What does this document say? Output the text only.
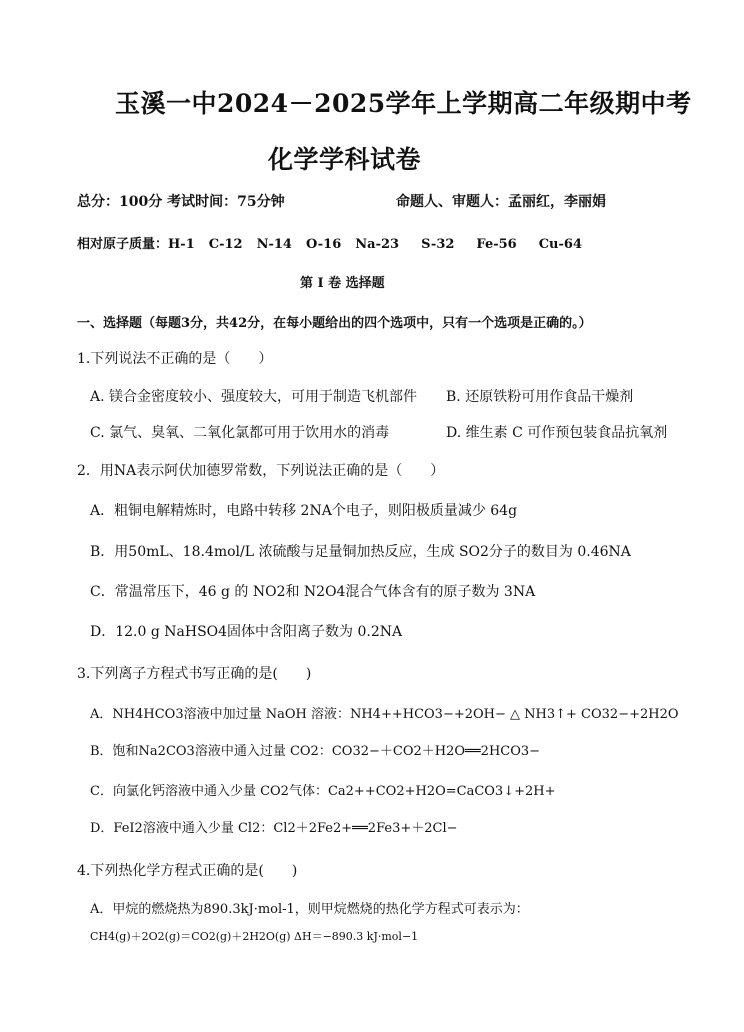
玉溪一中2024－2025学年上学期高二年级期中考
化学学科试卷
总分：100分 考试时间：75分钟	命题人、审题人：孟丽红，李丽娟
相对原子质量：H-1 C-12 N-14 O-16 Na-23 S-32 Fe-56 Cu-64
第 I 卷 选择题
一、选择题（每题3分，共42分，在每小题给出的四个选项中，只有一个选项是正确的。）
1.下列说法不正确的是（　　）
A. 镁合金密度较小、强度较大，可用于制造飞机部件 B. 还原铁粉可用作食品干燥剂
C. 氯气、臭氧、二氧化氯都可用于饮用水的消毒	D. 维生素 C 可作预包装食品抗氧剂
2．用NA表示阿伏加德罗常数，下列说法正确的是（　　）
A．粗铜电解精炼时，电路中转移 2NA个电子，则阳极质量减少 64g
B．用50mL、18.4mol/L 浓硫酸与足量铜加热反应，生成 SO2分子的数目为 0.46NA
C．常温常压下，46 g 的 NO2和 N2O4混合气体含有的原子数为 3NA
D．12.0 g NaHSO4固体中含阳离子数为 0.2NA
3.下列离子方程式书写正确的是(　　)
A．NH4HCO3溶液中加过量 NaOH 溶液：NH4++HCO3−+2OH− △ NH3↑+ CO32−+2H2O
B．饱和Na2CO3溶液中通入过量 CO2：CO32−＋CO2＋H2O══2HCO3−
C．向氯化钙溶液中通入少量 CO2气体：Ca2++CO2+H2O=CaCO3↓+2H+
D．FeI2溶液中通入少量 Cl2：Cl2＋2Fe2+══2Fe3+＋2Cl−
4.下列热化学方程式正确的是(　　)
A．甲烷的燃烧热为890.3kJ·mol-1，则甲烷燃烧的热化学方程式可表示为：
CH4(g)＋2O2(g)＝CO2(g)＋2H2O(g) ΔH＝−890.3 kJ·mol−1
